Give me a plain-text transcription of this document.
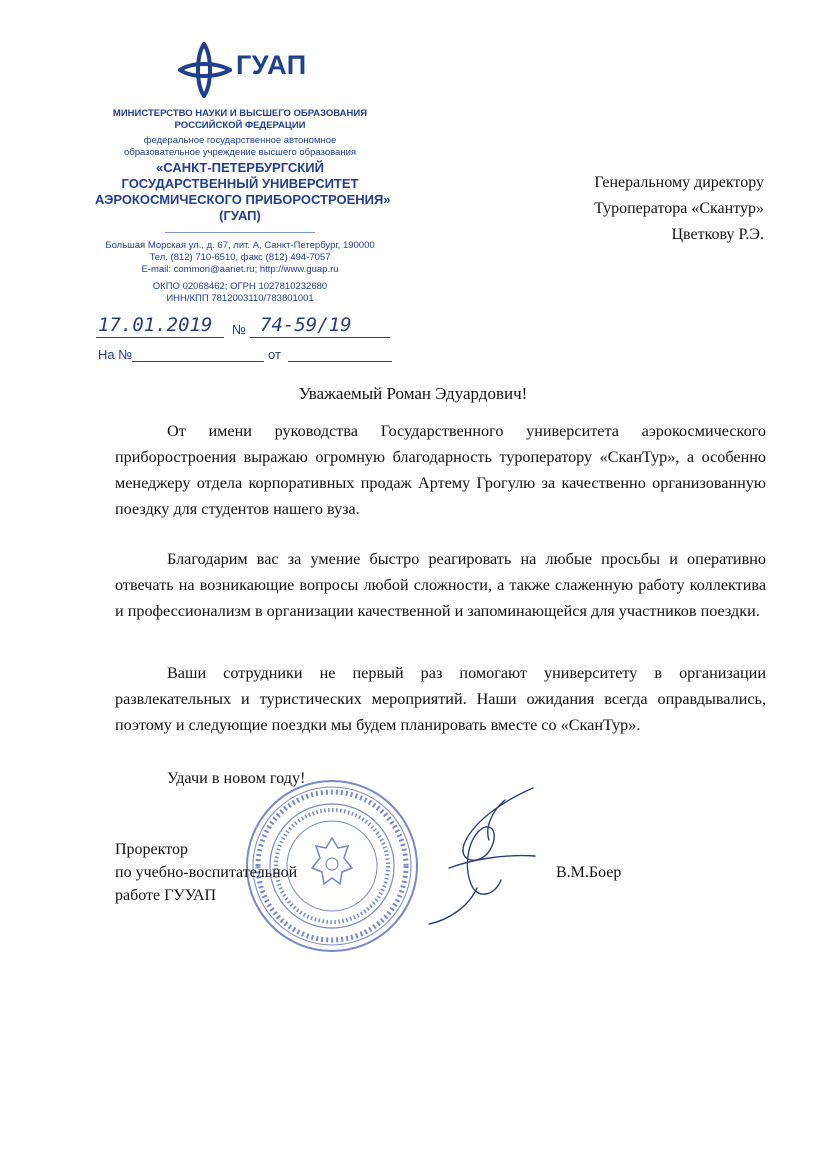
ГУАП
МИНИСТЕРСТВО НАУКИ И ВЫСШЕГО ОБРАЗОВАНИЯ
РОССИЙСКОЙ ФЕДЕРАЦИИ
федеральное государственное автономное
образовательное учреждение высшего образования
«САНКТ-ПЕТЕРБУРГСКИЙ
ГОСУДАРСТВЕННЫЙ УНИВЕРСИТЕТ
АЭРОКОСМИЧЕСКОГО ПРИБОРОСТРОЕНИЯ»
(ГУАП)
Большая Морская ул., д. 67, лит. А, Санкт-Петербург, 190000
Тел. (812) 710-6510, факс (812) 494-7057
E-mail: common@aanet.ru; http://www.guap.ru
ОКПО 02068462; ОГРН 1027810232680
ИНН/КПП 7812003110/783801001
17.01.2019 № 74-59/19
На №	от
Генеральному директору
Туроператора «Скантур»
Цветкову Р.Э.
Уважаемый Роман Эдуардович!
От имени руководства Государственного университета аэрокосмического приборостроения выражаю огромную благодарность туроператору «СканТур», а особенно менеджеру отдела корпоративных продаж Артему Грогулю за качественно организованную поездку для студентов нашего вуза.
Благодарим вас за умение быстро реагировать на любые просьбы и оперативно отвечать на возникающие вопросы любой сложности, а также слаженную работу коллектива и профессионализм в организации качественной и запоминающейся для участников поездки.
Ваши сотрудники не первый раз помогают университету в организации развлекательных и туристических мероприятий. Наши ожидания всегда оправдывались, поэтому и следующие поездки мы будем планировать вместе со «СканТур».
Удачи в новом году!
Проректор
по учебно-воспитательной
работе ГУУАП
В.М.Боер
